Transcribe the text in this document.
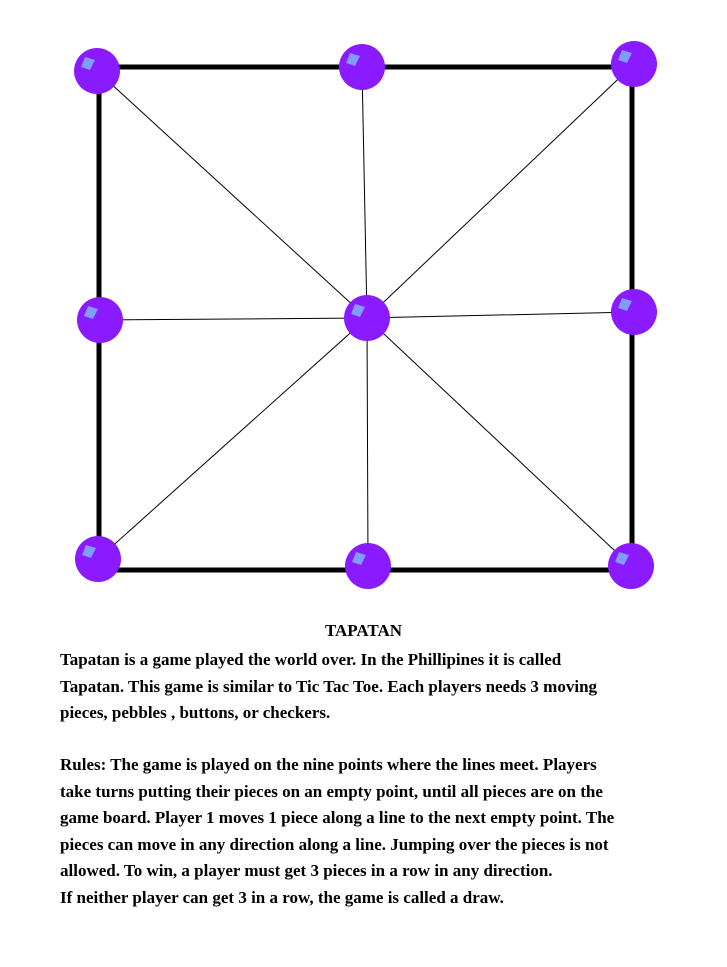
TAPATAN

Tapatan is a game played the world over. In the Phillipines it is called
Tapatan. This game is similar to Tic Tac Toe. Each players needs 3 moving
pieces, pebbles , buttons, or checkers.

Rules: The game is played on the nine points where the lines meet. Players
take turns putting their pieces on an empty point, until all pieces are on the
game board. Player 1 moves 1 piece along a line to the next empty point. The
pieces can move in any direction along a line. Jumping over the pieces is not
allowed. To win, a player must get 3 pieces in a row in any direction.
If neither player can get 3 in a row, the game is called a draw.
